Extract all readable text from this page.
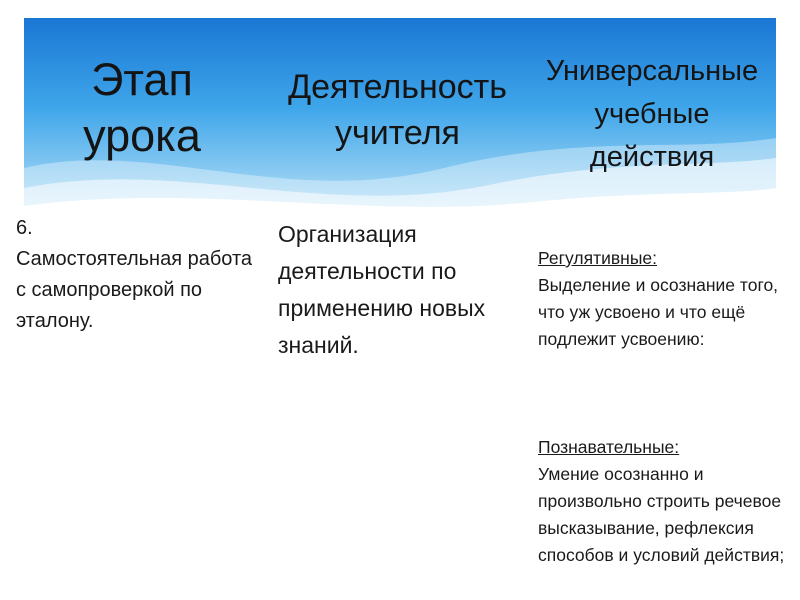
Этап урока
Деятельность учителя
Универсальные учебные действия
6.
Самостоятельная работа с самопроверкой по эталону.
Организация деятельности по применению новых знаний.

Регулятивные:

Выделение и осознание того, что уж усвоено и что ещё подлежит усвоению:

Познавательные:

Умение осознанно и произвольно строить речевое высказывание, рефлексия способов и условий действия;
